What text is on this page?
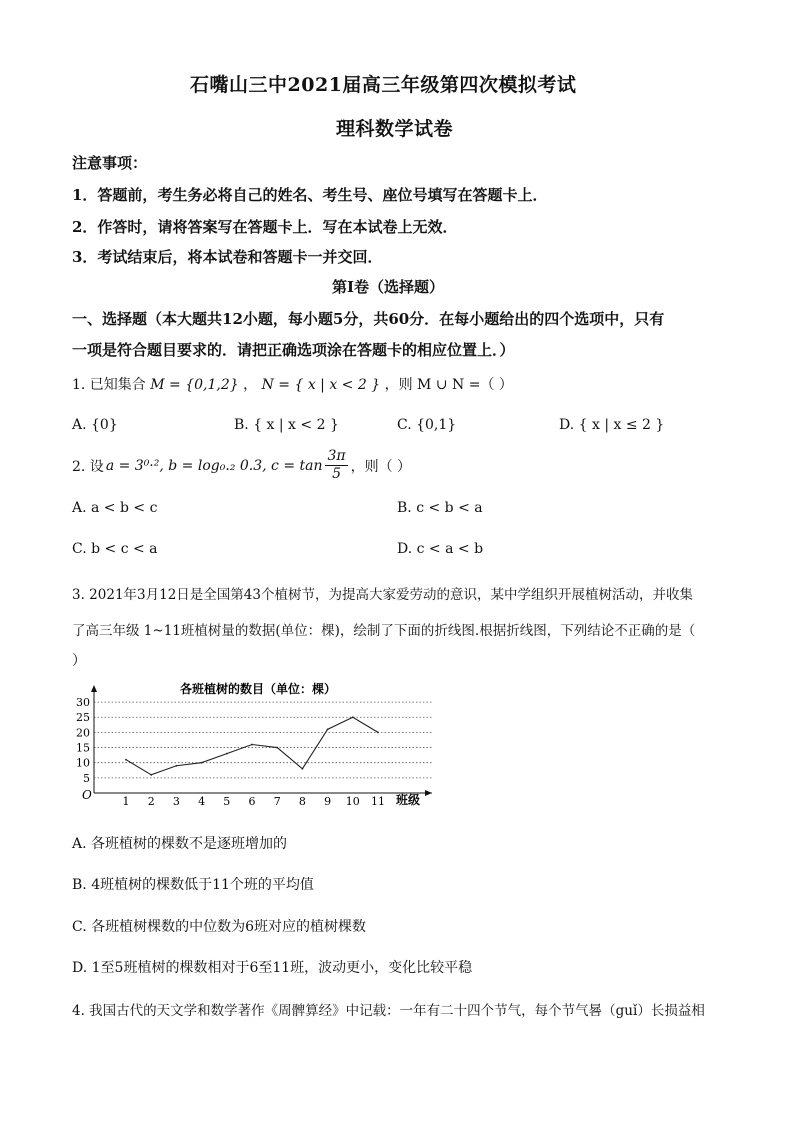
石嘴山三中2021届高三年级第四次模拟考试
理科数学试卷
注意事项：
1．答题前，考生务必将自己的姓名、考生号、座位号填写在答题卡上．
2．作答时，请将答案写在答题卡上．写在本试卷上无效．
3．考试结束后，将本试卷和答题卡一并交回．
第I卷（选择题）
一、选择题（本大题共12小题，每小题5分，共60分．在每小题给出的四个选项中，只有
一项是符合题目要求的．请把正确选项涂在答题卡的相应位置上．）
1. 已知集合 M = {0,1,2} ， N = { x | x < 2 } ，则 M ∪ N =（ ）
A. {0}	B. { x | x < 2 }	C. {0,1}	D. { x | x ≤ 2 }
2. 设 a = 3⁰·², b = log₀.₂ 0.3, $c = \tan \frac{3\pi}{5}$ ，则（ ）
A. a < b < c	B. c < b < a
C. b < c < a	D. c < a < b
3. 2021年3月12日是全国第43个植树节，为提高大家爱劳动的意识，某中学组织开展植树活动，并收集
了高三年级 1~11班植树量的数据(单位：棵)，绘制了下面的折线图.根据折线图，下列结论不正确的是（
）
各班植树的数目（单位：棵）
5
10
15
20
25
30
1 2 3 4 5 6 7 8 9 10 11
O	班级
A. 各班植树的棵数不是逐班增加的
B. 4班植树的棵数低于11个班的平均值
C. 各班植树棵数的中位数为6班对应的植树棵数
D. 1至5班植树的棵数相对于6至11班，波动更小，变化比较平稳
4. 我国古代的天文学和数学著作《周髀算经》中记载：一年有二十四个节气，每个节气晷（guǐ）长损益相
